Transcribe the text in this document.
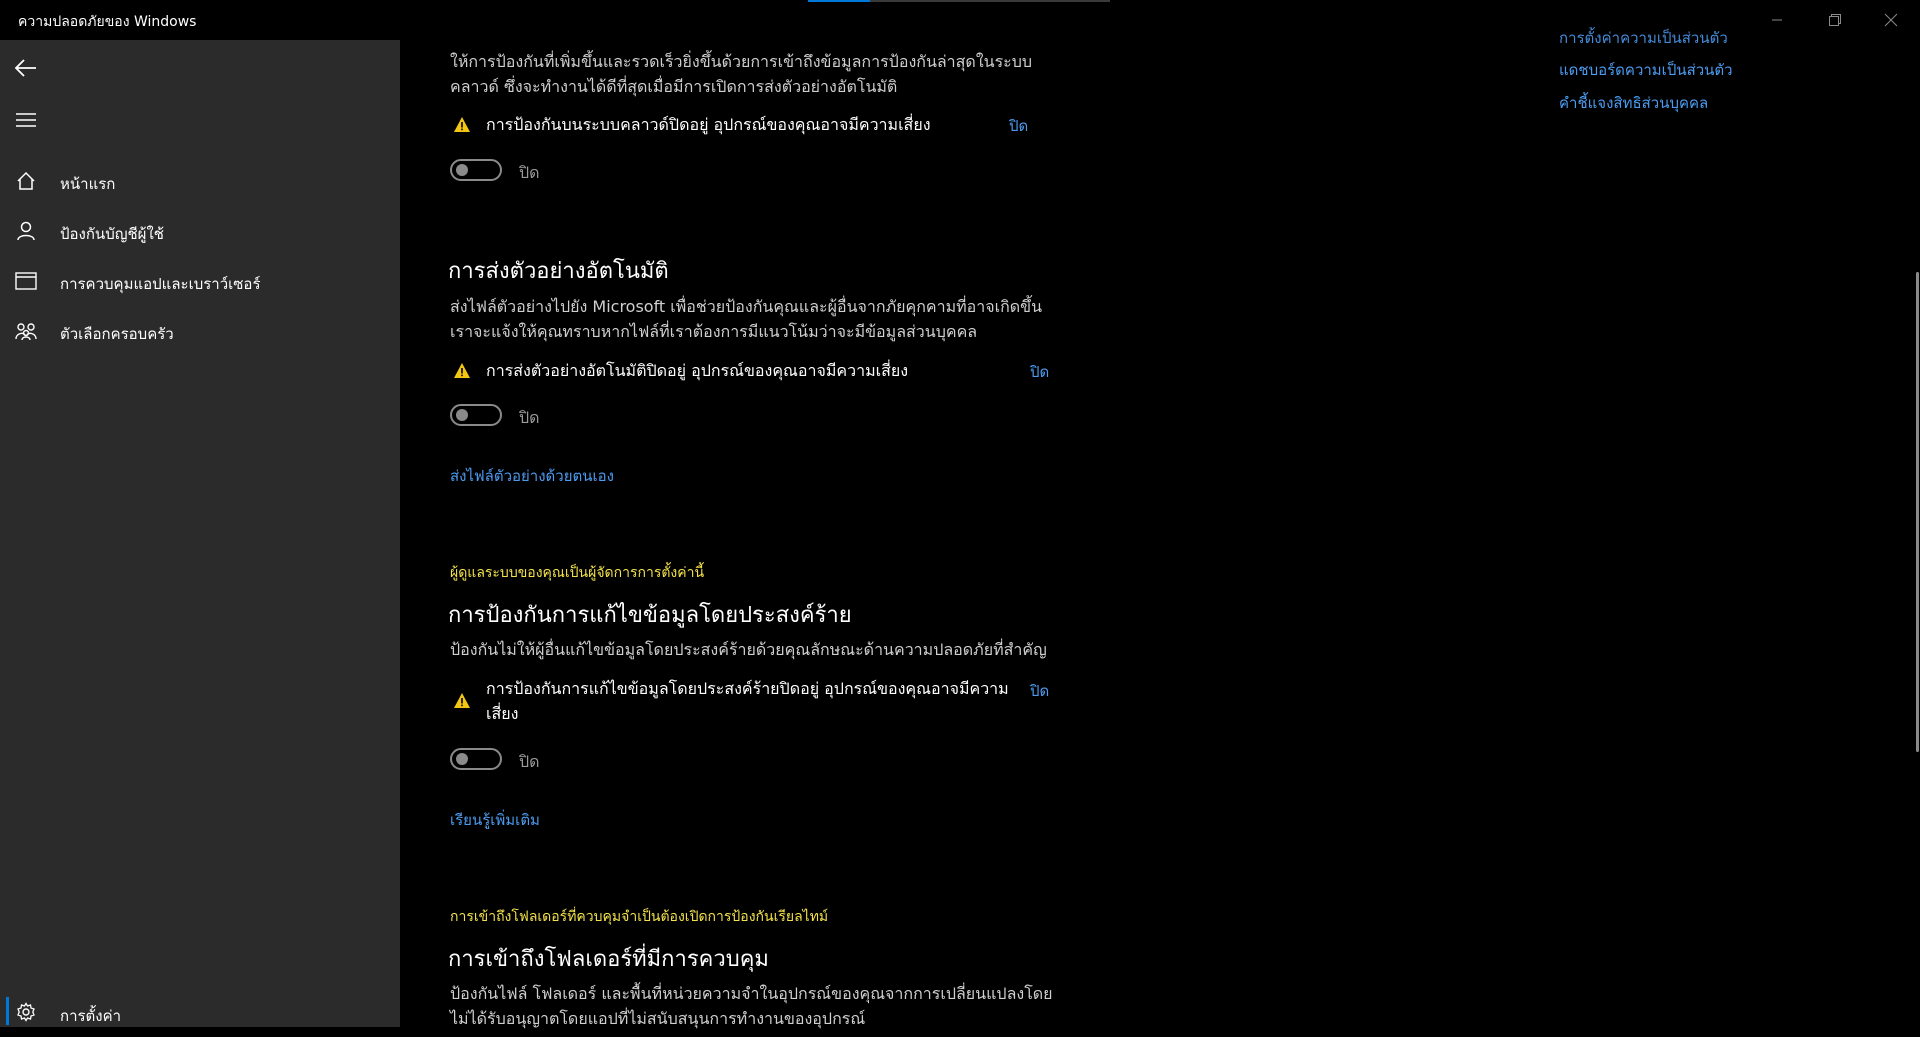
ความปลอดภัยของ Windows
หน้าแรก
ป้องกันบัญชีผู้ใช้
การควบคุมแอปและเบราว์เซอร์
ตัวเลือกครอบครัว
การตั้งค่า
ให้การป้องกันที่เพิ่มขึ้นและรวดเร็วยิ่งขึ้นด้วยการเข้าถึงข้อมูลการป้องกันล่าสุดในระบบ
คลาวด์ ซึ่งจะทำงานได้ดีที่สุดเมื่อมีการเปิดการส่งตัวอย่างอัตโนมัติ
การป้องกันบนระบบคลาวด์ปิดอยู่ อุปกรณ์ของคุณอาจมีความเสี่ยง	ปิด
ปิด
การส่งตัวอย่างอัตโนมัติ
ส่งไฟล์ตัวอย่างไปยัง Microsoft เพื่อช่วยป้องกันคุณและผู้อื่นจากภัยคุกคามที่อาจเกิดขึ้น
เราจะแจ้งให้คุณทราบหากไฟล์ที่เราต้องการมีแนวโน้มว่าจะมีข้อมูลส่วนบุคคล
การส่งตัวอย่างอัตโนมัติปิดอยู่ อุปกรณ์ของคุณอาจมีความเสี่ยง	ปิด
ปิด
ส่งไฟล์ตัวอย่างด้วยตนเอง
ผู้ดูแลระบบของคุณเป็นผู้จัดการการตั้งค่านี้
การป้องกันการแก้ไขข้อมูลโดยประสงค์ร้าย
ป้องกันไม่ให้ผู้อื่นแก้ไขข้อมูลโดยประสงค์ร้ายด้วยคุณลักษณะด้านความปลอดภัยที่สำคัญ
การป้องกันการแก้ไขข้อมูลโดยประสงค์ร้ายปิดอยู่ อุปกรณ์ของคุณอาจมีความ
เสี่ยง
ปิด
ปิด
เรียนรู้เพิ่มเติม
การเข้าถึงโฟลเดอร์ที่ควบคุมจำเป็นต้องเปิดการป้องกันเรียลไทม์
การเข้าถึงโฟลเดอร์ที่มีการควบคุม
ป้องกันไฟล์ โฟลเดอร์ และพื้นที่หน่วยความจำในอุปกรณ์ของคุณจากการเปลี่ยนแปลงโดย
ไม่ได้รับอนุญาตโดยแอปที่ไม่สนับสนุนการทำงานของอุปกรณ์
การตั้งค่าความเป็นส่วนตัว
แดชบอร์ดความเป็นส่วนตัว
คำชี้แจงสิทธิส่วนบุคคล
